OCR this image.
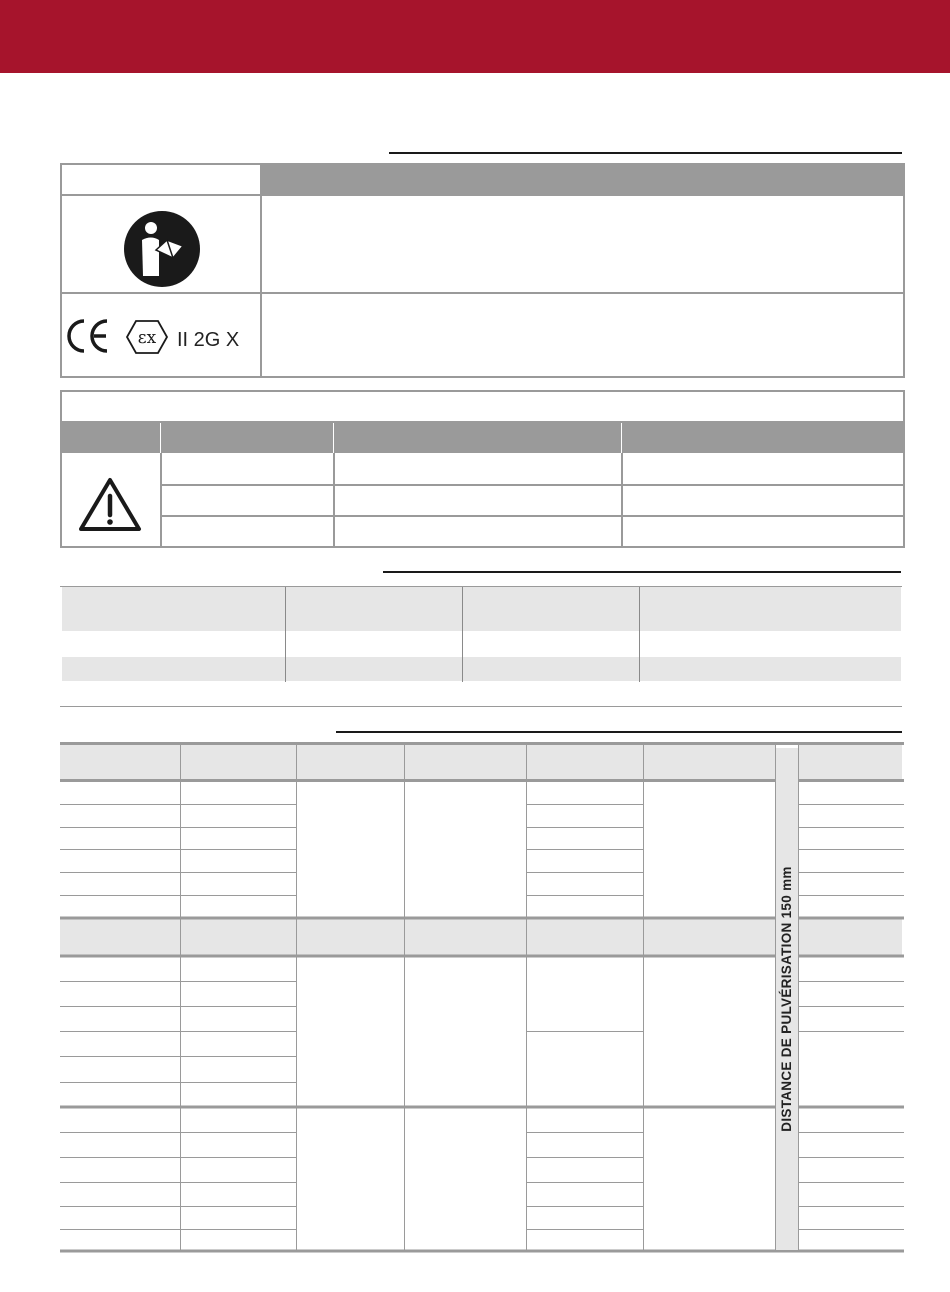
εx II 2G X
DISTANCE DE PULVÉRISATION 150 mm
